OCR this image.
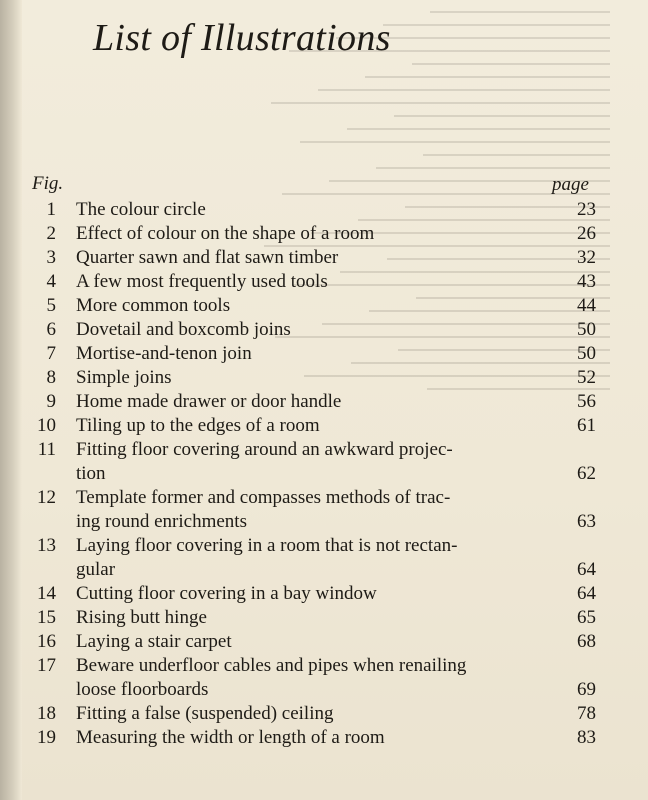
List of Illustrations
Fig.	page
1 The colour circle	23
2 Effect of colour on the shape of a room	26
3 Quarter sawn and flat sawn timber	32
4 A few most frequently used tools	43
5 More common tools	44
6 Dovetail and boxcomb joins	50
7 Mortise-and-tenon join	50
8 Simple joins	52
9 Home made drawer or door handle	56
10 Tiling up to the edges of a room	61
11 Fitting floor covering around an awkward projec-
tion	62
12 Template former and compasses methods of trac-
ing round enrichments	63
13 Laying floor covering in a room that is not rectan-
gular	64
14 Cutting floor covering in a bay window	64
15 Rising butt hinge	65
16 Laying a stair carpet	68
17 Beware underfloor cables and pipes when renailing
loose floorboards	69
18 Fitting a false (suspended) ceiling	78
19 Measuring the width or length of a room	83
